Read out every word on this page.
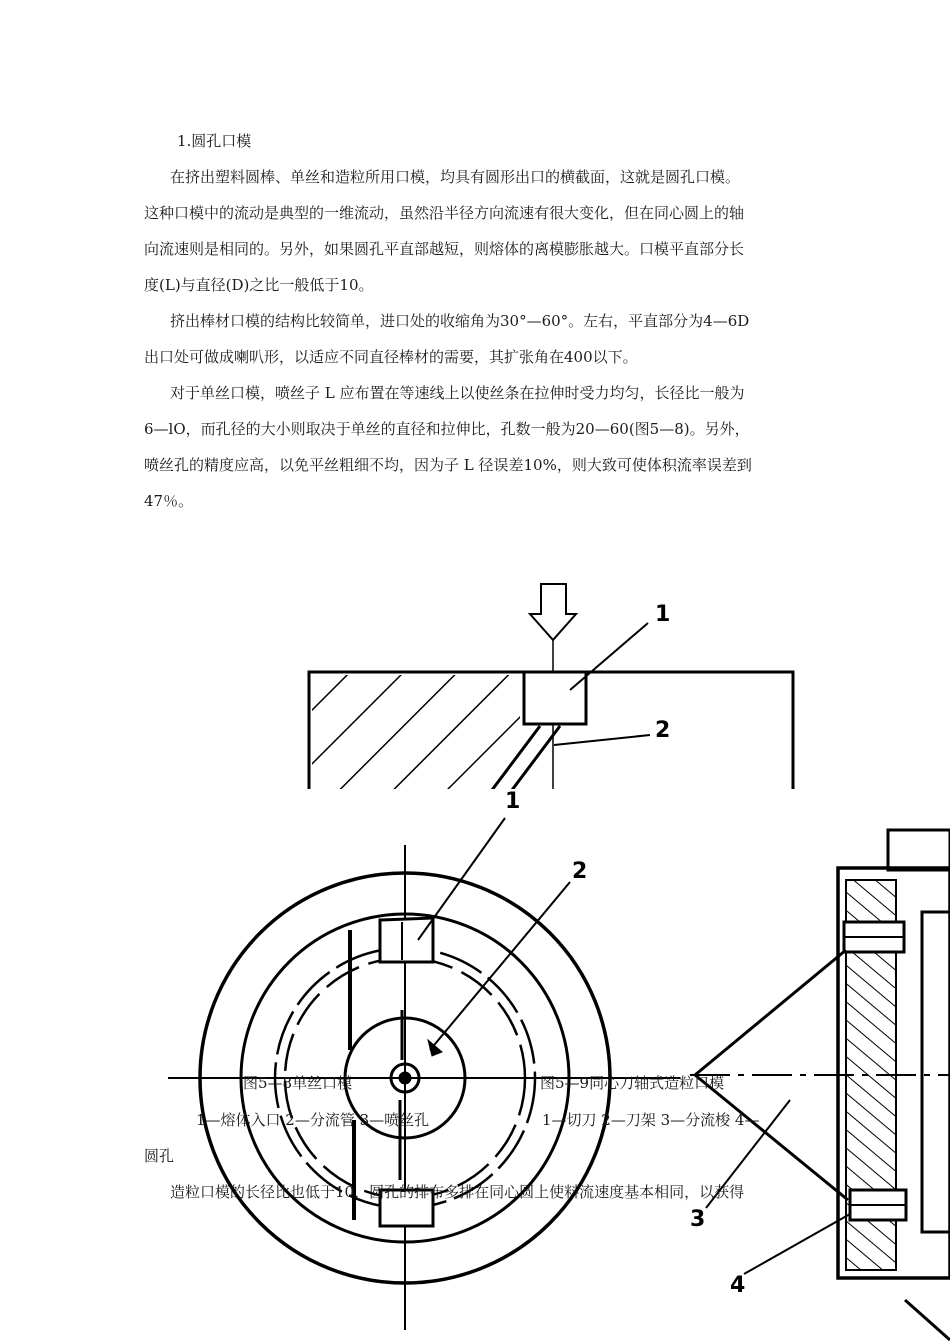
1.圆孔口模
在挤出塑料圆棒、单丝和造粒所用口模，均具有圆形出口的横截面，这就是圆孔口模。
这种口模中的流动是典型的一维流动，虽然沿半径方向流速有很大变化，但在同心圆上的轴
向流速则是相同的。另外，如果圆孔平直部越短，则熔体的离模膨胀越大。口模平直部分长
度(L)与直径(D)之比一般低于10。
挤出棒材口模的结构比较简单，进口处的收缩角为30°—60°。左右，平直部分为4—6D
出口处可做成喇叭形，以适应不同直径棒材的需要，其扩张角在400以下。
对于单丝口模，喷丝子 L 应布置在等速线上以使丝条在拉伸时受力均匀，长径比一般为
6—lO，而孔径的大小则取决于单丝的直径和拉伸比，孔数一般为20—60(图5—8)。另外，
喷丝孔的精度应高，以免平丝粗细不均，因为子 L 径误差10%，则大致可使体积流率误差到
47％。
1
2
1
2
3
4
图5—8单丝口模	图5—9同心刀轴式造粒口模
1—熔体入口 2—分流管 3—喷丝孔	1—切刀 2—刀架 3—分流梭 4—
圆孔
造粒口模的长径比也低于10，圆孔的排布多排在同心圆上使料流速度基本相同，以获得
